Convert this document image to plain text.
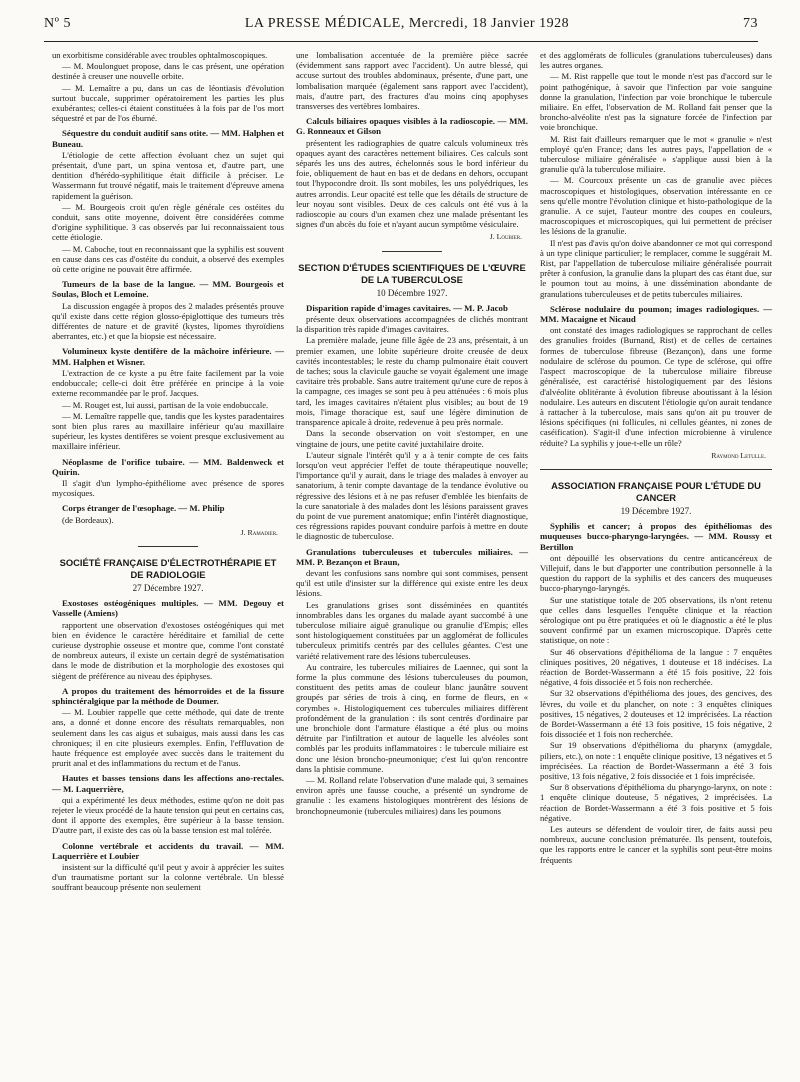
Nº 5	LA PRESSE MÉDICALE, Mercredi, 18 Janvier 1928	73

un exorbitisme considérable avec troubles ophtalmoscopiques.

— M. Moulonguet propose, dans le cas présent, une opération destinée à creuser une nouvelle orbite.

— M. Lemaître a pu, dans un cas de léontiasis d'évolution surtout buccale, supprimer opératoirement les parties les plus exubérantes; celles-ci étaient constituées à la fois par de l'os mort séquestré et par de l'os éburné.

Séquestre du conduit auditif sans otite. — MM. Halphen et Buneau.

L'étiologie de cette affection évoluant chez un sujet qui présentait, d'une part, un spina ventosa et, d'autre part, une dentition d'hérédo-syphilitique était difficile à préciser. Le Wassermann fut trouvé négatif, mais le traitement d'épreuve amena rapidement la guérison.

— M. Bourgeois croit qu'en règle générale ces ostéites du conduit, sans otite moyenne, doivent être considérées comme d'origine syphilitique. 3 cas observés par lui reconnaissaient tous cette étiologie.

— M. Caboche, tout en reconnaissant que la syphilis est souvent en cause dans ces cas d'ostéite du conduit, a observé des exemples où cette origine ne pouvait être affirmée.

Tumeurs de la base de la langue. — MM. Bourgeois et Soulas, Bloch et Lemoine.

La discussion engagée à propos des 2 malades présentés prouve qu'il existe dans cette région glosso-épiglottique des tumeurs très différentes de nature et de gravité (kystes, lipomes thyroïdiens aberrantes, etc.) et que la biopsie est nécessaire.

Volumineux kyste dentifère de la mâchoire inférieure. — MM. Halphen et Wisner.

L'extraction de ce kyste a pu être faite facilement par la voie endobuccale; celle-ci doit être préférée en principe à la voie externe recommandée par le prof. Jacques.

— M. Rouget est, lui aussi, partisan de la voie endobuccale.

— M. Lemaître rappelle que, tandis que les kystes paradentaires sont bien plus rares au maxillaire inférieur qu'au maxillaire supérieur, les kystes dentifères se voient presque exclusivement au maxillaire inférieur.

Néoplasme de l'orifice tubaire. — MM. Baldenweck et Quirin.

Il s'agit d'un lympho-épithéliome avec présence de spores mycosiques.

Corps étranger de l'œsophage. — M. Philip

(de Bordeaux).

J. Ramadier.
SOCIÉTÉ FRANÇAISE D'ÉLECTROTHÉRAPIE ET DE RADIOLOGIE
27 Décembre 1927.
Exostoses ostéogéniques multiples. — MM. Degouy et Vasselle (Amiens)

rapportent une observation d'exostoses ostéogéniques qui met bien en évidence le caractère héréditaire et familial de cette curieuse dystrophie osseuse et montre que, comme l'ont constaté de nombreux auteurs, il existe un certain degré de systématisation dans le mode de distribution et la morphologie des exostoses qui siègent de préférence au niveau des épiphyses.

A propos du traitement des hémorroïdes et de la fissure sphinctéralgique par la méthode de Doumer.

— M. Loubier rappelle que cette méthode, qui date de trente ans, a donné et donne encore des résultats remarquables, non seulement dans les cas aigus et subaigus, mais aussi dans les cas chroniques; il en cite plusieurs exemples. Enfin, l'effluvation de haute fréquence est employée avec succès dans le traitement du prurit anal et des inflammations du rectum et de l'anus.

Hautes et basses tensions dans les affections ano-rectales. — M. Laquerrière,

qui a expérimenté les deux méthodes, estime qu'on ne doit pas rejeter le vieux procédé de la haute tension qui peut en certains cas, dont il apporte des exemples, être supérieur à la basse tension. D'autre part, il existe des cas où la basse tension est mal tolérée.

Colonne vertébrale et accidents du travail. — MM. Laquerrière et Loubier

insistent sur la difficulté qu'il peut y avoir à apprécier les suites d'un traumatisme portant sur la colonne vertébrale. Un blessé souffrant beaucoup présente non seulement

une lombalisation accentuée de la première pièce sacrée (évidemment sans rapport avec l'accident). Un autre blessé, qui accuse surtout des troubles abdominaux, présente, d'une part, une lombalisation marquée (également sans rapport avec l'accident), mais, d'autre part, des fractures d'au moins cinq apophyses transverses des vertèbres lombaires.

Calculs biliaires opaques visibles à la radioscopie. — MM. G. Ronneaux et Gilson

présentent les radiographies de quatre calculs volumineux très opaques ayant des caractères nettement biliaires. Ces calculs sont séparés les uns des autres, échelonnés sous le bord inférieur du foie, obliquement de haut en bas et de dedans en dehors, occupant tout l'hypocondre droit. Ils sont mobiles, les uns polyédriques, les autres arrondis. Leur opacité est telle que les détails de structure de leur noyau sont visibles. Deux de ces calculs ont été vus à la radioscopie au cours d'un examen chez une malade présentant les signes d'un abcès du foie et n'ayant aucun symptôme vésiculaire.

J. Loubier.
SECTION D'ÉTUDES SCIENTIFIQUES DE L'ŒUVRE DE LA TUBERCULOSE
10 Décembre 1927.
Disparition rapide d'images cavitaires. — M. P. Jacob

présente deux observations accompagnées de clichés montrant la disparition très rapide d'images cavitaires.

La première malade, jeune fille âgée de 23 ans, présentait, à un premier examen, une lobite supérieure droite creusée de deux cavités incontestables; le reste du champ pulmonaire était couvert de taches; sous la clavicule gauche se voyait également une image cavitaire très probable. Sans autre traitement qu'une cure de repos à la campagne, ces images se sont peu à peu atténuées : 6 mois plus tard, les images cavitaires n'étaient plus visibles; au bout de 19 mois, l'image thoracique est, sauf une légère diminution de transparence apicale à droite, redevenue à peu près normale.

Dans la seconde observation on voit s'estomper, en une vingtaine de jours, une petite cavité juxtahilaire droite.

L'auteur signale l'intérêt qu'il y a à tenir compte de ces faits lorsqu'on veut apprécier l'effet de toute thérapeutique nouvelle; l'importance qu'il y aurait, dans le triage des malades à envoyer au sanatorium, à tenir compte davantage de la tendance évolutive ou régressive des lésions et à ne pas refuser d'emblée les bienfaits de la cure sanatoriale à des malades dont les lésions paraissent graves du point de vue purement anatomique; enfin l'intérêt diagnostique, ces régressions rapides pouvant conduire parfois à mettre en doute le diagnostic de tuberculose.

Granulations tuberculeuses et tubercules miliaires. — MM. P. Bezançon et Braun,

devant les confusions sans nombre qui sont commises, pensent qu'il est utile d'insister sur la différence qui existe entre les deux lésions.

Les granulations grises sont disséminées en quantités innombrables dans les organes du malade ayant succombé à une tuberculose miliaire aiguë granulique ou granulie d'Empis; elles sont histologiquement constituées par un agglomérat de follicules tuberculeux primitifs centrés par des cellules géantes. C'est une variété relativement rare des lésions tuberculeuses.

Au contraire, les tubercules miliaires de Laennec, qui sont la forme la plus commune des lésions tuberculeuses du poumon, constituent des petits amas de couleur blanc jaunâtre souvent groupés par séries de trois à cinq, en forme de fleurs, en « corymbes ». Histologiquement ces tubercules miliaires diffèrent profondément de la granulation : ils sont centrés d'ordinaire par une bronchiole dont l'armature élastique a été plus ou moins détruite par l'infiltration et autour de laquelle les alvéoles sont comblés par les produits inflammatoires : le tubercule miliaire est donc une lésion broncho-pneumonique; c'est lui qu'on rencontre dans la phtisie commune.

— M. Rolland relate l'observation d'une malade qui, 3 semaines environ après une fausse couche, a présenté un syndrome de granulie : les examens histologiques montrèrent des lésions de bronchopneumonie (tubercules miliaires) dans les poumons

et des agglomérats de follicules (granulations tuberculeuses) dans les autres organes.

— M. Rist rappelle que tout le monde n'est pas d'accord sur le point pathogénique, à savoir que l'infection par voie sanguine donne la granulation, l'infection par voie bronchique le tubercule miliaire. En effet, l'observation de M. Rolland fait penser que la broncho-alvéolite n'est pas la signature forcée de l'infection par voie bronchique.

M. Rist fait d'ailleurs remarquer que le mot « granulie » n'est employé qu'en France; dans les autres pays, l'appellation de « tuberculose miliaire généralisée » s'applique aussi bien à la granulie qu'à la tuberculose miliaire.

— M. Courcoux présente un cas de granulie avec pièces macroscopiques et histologiques, observation intéressante en ce sens qu'elle montre l'évolution clinique et histo-pathologique de la granulie. A ce sujet, l'auteur montre des coupes en couleurs, macroscopiques et microscopiques, qui lui permettent de préciser les lésions de la granulie.

Il n'est pas d'avis qu'on doive abandonner ce mot qui correspond à un type clinique particulier; le remplacer, comme le suggérait M. Rist, par l'appellation de tuberculose miliaire généralisée pourrait prêter à confusion, la granulie dans la plupart des cas étant due, sur le poumon tout au moins, à une dissémination abondante de granulations tuberculeuses et de petits tubercules miliaires.

Sclérose nodulaire du poumon; images radiologiques. — MM. Macaigne et Nicaud

ont constaté des images radiologiques se rapprochant de celles des granulies froides (Burnand, Rist) et de celles de certaines formes de tuberculose fibreuse (Bezançon), dans une forme nodulaire de sclérose du poumon. Ce type de sclérose, qui offre l'aspect macroscopique de la tuberculose miliaire fibreuse généralisée, est caractérisé histologiquement par des lésions d'alvéolite oblitérante à évolution fibreuse aboutissant à la lésion nodulaire. Les auteurs en discutent l'étiologie qu'on aurait tendance à rattacher à la tuberculose, mais sans qu'on ait pu trouver de lésions spécifiques (ni follicules, ni cellules géantes, ni zones de caséification). S'agit-il d'une infection microbienne à virulence réduite? La syphilis y joue-t-elle un rôle?

Raymond Letulle.
ASSOCIATION FRANÇAISE POUR L'ÉTUDE DU CANCER
19 Décembre 1927.
Syphilis et cancer; à propos des épithéliomas des muqueuses bucco-pharyngo-laryngées. — MM. Roussy et Bertillon

ont dépouillé les observations du centre anticancéreux de Villejuif, dans le but d'apporter une contribution personnelle à la question du rapport de la syphilis et des cancers des muqueuses bucco-pharyngo-laryngés.

Sur une statistique totale de 205 observations, ils n'ont retenu que celles dans lesquelles l'enquête clinique et la réaction sérologique ont pu être pratiquées et où le diagnostic a été le plus souvent confirmé par un examen microscopique. D'après cette statistique, on note :

Sur 46 observations d'épithélioma de la langue : 7 enquêtes cliniques positives, 20 négatives, 1 douteuse et 18 indécises. La réaction de Bordet-Wassermann a été 15 fois positive, 22 fois négative, 4 fois dissociée et 5 fois non recherchée.

Sur 32 observations d'épithélioma des joues, des gencives, des lèvres, du voile et du plancher, on note : 3 enquêtes cliniques positives, 15 négatives, 2 douteuses et 12 imprécisées. La réaction de Bordet-Wassermann a été 13 fois positive, 15 fois négative, 2 fois dissociée et 1 fois non recherchée.

Sur 19 observations d'épithélioma du pharynx (amygdale, piliers, etc.), on note : 1 enquête clinique positive, 13 négatives et 5 imprécisées. La réaction de Bordet-Wassermann a été 3 fois positive, 13 fois négative, 2 fois dissociée et 1 fois imprécisée.

Sur 8 observations d'épithélioma du pharyngo-larynx, on note : 1 enquête clinique douteuse, 5 négatives, 2 imprécisées. La réaction de Bordet-Wassermann a été 3 fois positive et 5 fois négative.

Les auteurs se défendent de vouloir tirer, de faits aussi peu nombreux, aucune conclusion prématurée. Ils pensent, toutefois, que les rapports entre le cancer et la syphilis sont peut-être moins fréquents
